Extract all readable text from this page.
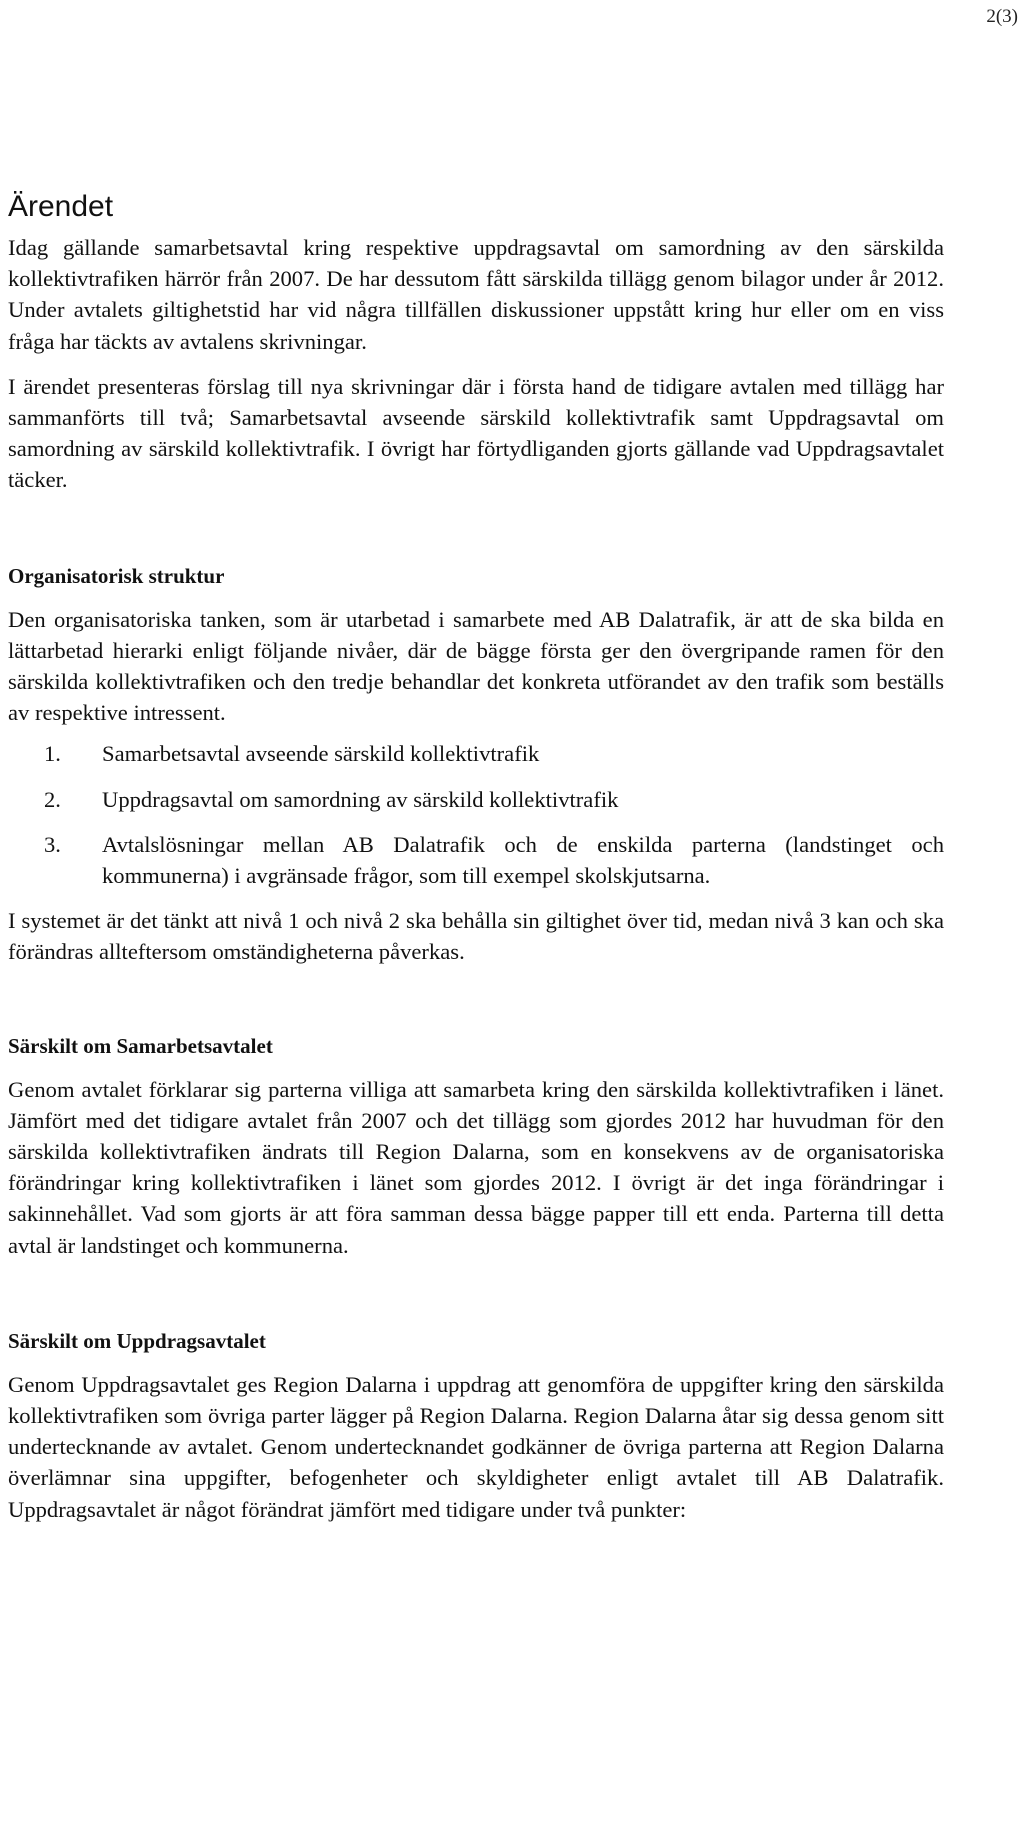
2(3)
Ärendet

Idag gällande samarbetsavtal kring respektive uppdragsavtal om samordning av den särskilda kollektivtrafiken härrör från 2007. De har dessutom fått särskilda tillägg genom bilagor under år 2012. Under avtalets giltighetstid har vid några tillfällen diskussioner uppstått kring hur eller om en viss fråga har täckts av avtalens skrivningar.

I ärendet presenteras förslag till nya skrivningar där i första hand de tidigare avtalen med tillägg har sammanförts till två; Samarbetsavtal avseende särskild kollektivtrafik samt Uppdragsavtal om samordning av särskild kollektivtrafik. I övrigt har förtydliganden gjorts gällande vad Uppdragsavtalet täcker.

Organisatorisk struktur

Den organisatoriska tanken, som är utarbetad i samarbete med AB Dalatrafik, är att de ska bilda en lättarbetad hierarki enligt följande nivåer, där de bägge första ger den övergripande ramen för den särskilda kollektivtrafiken och den tredje behandlar det konkreta utförandet av den trafik som beställs av respektive intressent.

1.	Samarbetsavtal avseende särskild kollektivtrafik
2.	Uppdragsavtal om samordning av särskild kollektivtrafik
3.	Avtalslösningar mellan AB Dalatrafik och de enskilda parterna (landstinget och kommunerna) i avgränsade frågor, som till exempel skolskjutsarna.

I systemet är det tänkt att nivå 1 och nivå 2 ska behålla sin giltighet över tid, medan nivå 3 kan och ska förändras allteftersom omständigheterna påverkas.

Särskilt om Samarbetsavtalet

Genom avtalet förklarar sig parterna villiga att samarbeta kring den särskilda kollektivtrafiken i länet. Jämfört med det tidigare avtalet från 2007 och det tillägg som gjordes 2012 har huvudman för den särskilda kollektivtrafiken ändrats till Region Dalarna, som en konsekvens av de organisatoriska förändringar kring kollektivtrafiken i länet som gjordes 2012. I övrigt är det inga förändringar i sakinnehållet. Vad som gjorts är att föra samman dessa bägge papper till ett enda. Parterna till detta avtal är landstinget och kommunerna.

Särskilt om Uppdragsavtalet

Genom Uppdragsavtalet ges Region Dalarna i uppdrag att genomföra de uppgifter kring den särskilda kollektivtrafiken som övriga parter lägger på Region Dalarna. Region Dalarna åtar sig dessa genom sitt undertecknande av avtalet. Genom undertecknandet godkänner de övriga parterna att Region Dalarna överlämnar sina uppgifter, befogenheter och skyldigheter enligt avtalet till AB Dalatrafik. Uppdragsavtalet är något förändrat jämfört med tidigare under två punkter:
